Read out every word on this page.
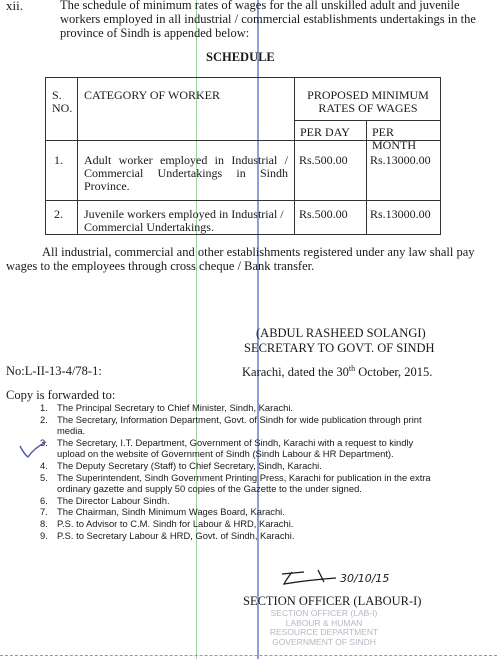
xii.	The schedule of minimum rates of wages for the all unskilled adult and juvenile
workers employed in all industrial / commercial establishments undertakings in the
province of Sindh is appended below:
SCHEDULE
S.
NO.
CATEGORY OF WORKER	PROPOSED MINIMUM
RATES OF WAGES
PER DAY PER MONTH
1. Adult worker employed in Industrial /
Commercial Undertakings in Sindh
Province.
Rs.500.00 Rs.13000.00
2. Juvenile workers employed in Industrial /
Commercial Undertakings.
Rs.500.00 Rs.13000.00
All industrial, commercial and other establishments registered under any law shall pay
wages to the employees through cross cheque / Bank transfer.
(ABDUL RASHEED SOLANGI)
SECRETARY TO GOVT. OF SINDH
No:L-II-13-4/78-1:	Karachi, dated the 30th October, 2015.
Copy is forwarded to:
1. The Principal Secretary to Chief Minister, Sindh, Karachi.
2. The Secretary, Information Department, Govt. of Sindh for wide publication through print
media.
3. The Secretary, I.T. Department, Government of Sindh, Karachi with a request to kindly
upload on the website of Government of Sindh (Sindh Labour & HR Department).
4. The Deputy Secretary (Staff) to Chief Secretary, Sindh, Karachi.
5. The Superintendent, Sindh Government Printing Press, Karachi for publication in the extra
ordinary gazette and supply 50 copies of the Gazette to the under signed.
6. The Director Labour Sindh.
7. The Chairman, Sindh Minimum Wages Board, Karachi.
8. P.S. to Advisor to C.M. Sindh for Labour & HRD, Karachi.
9. P.S. to Secretary Labour & HRD, Govt. of Sindh, Karachi.
30/10/15
SECTION OFFICER (LABOUR-I)
SECTION OFFICER (LAB-I)
LABOUR & HUMAN
RESOURCE DEPARTMENT
GOVERNMENT OF SINDH
